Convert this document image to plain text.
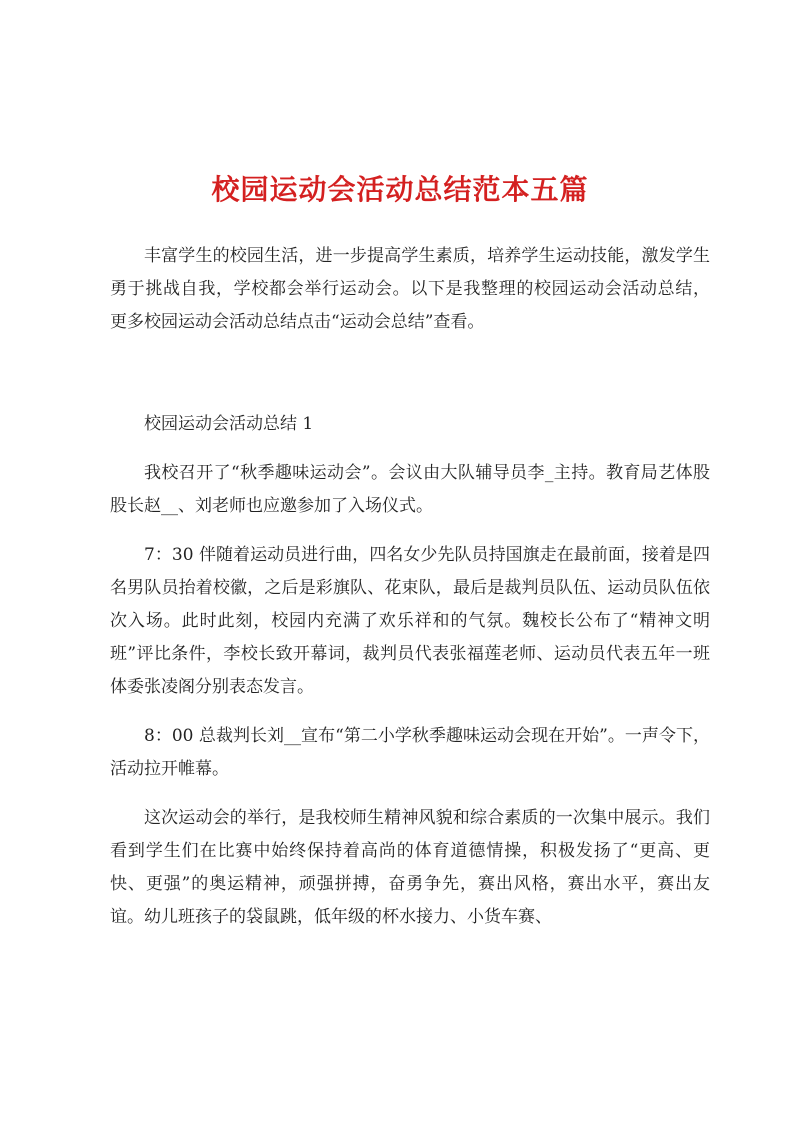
校园运动会活动总结范本五篇

丰富学生的校园生活，进一步提高学生素质，培养学生运动技能，激发学生勇于挑战自我，学校都会举行运动会。以下是我整理的校园运动会活动总结， 更多校园运动会活动总结点击“运动会总结”查看。

校园运动会活动总结 1

我校召开了“秋季趣味运动会”。会议由大队辅导员李_主持。教育局艺体股股长赵__、刘老师也应邀参加了入场仪式。

7：30 伴随着运动员进行曲，四名女少先队员持国旗走在最前面，接着是四名男队员抬着校徽，之后是彩旗队、花束队，最后是裁判员队伍、运动员队伍依次入场。此时此刻，校园内充满了欢乐祥和的气氛。魏校长公布了“精神文明班”评比条件，李校长致开幕词，裁判员代表张福莲老师、运动员代表五年一班体委张凌阁分别表态发言。

8：00 总裁判长刘__宣布“第二小学秋季趣味运动会现在开始”。一声令下，活动拉开帷幕。

这次运动会的举行，是我校师生精神风貌和综合素质的一次集中展示。我们看到学生们在比赛中始终保持着高尚的体育道德情操，积极发扬了“更高、更快、更强”的奥运精神，顽强拼搏，奋勇争先，赛出风格，赛出水平，赛出友谊。幼儿班孩子的袋鼠跳，低年级的杯水接力、小货车赛、
